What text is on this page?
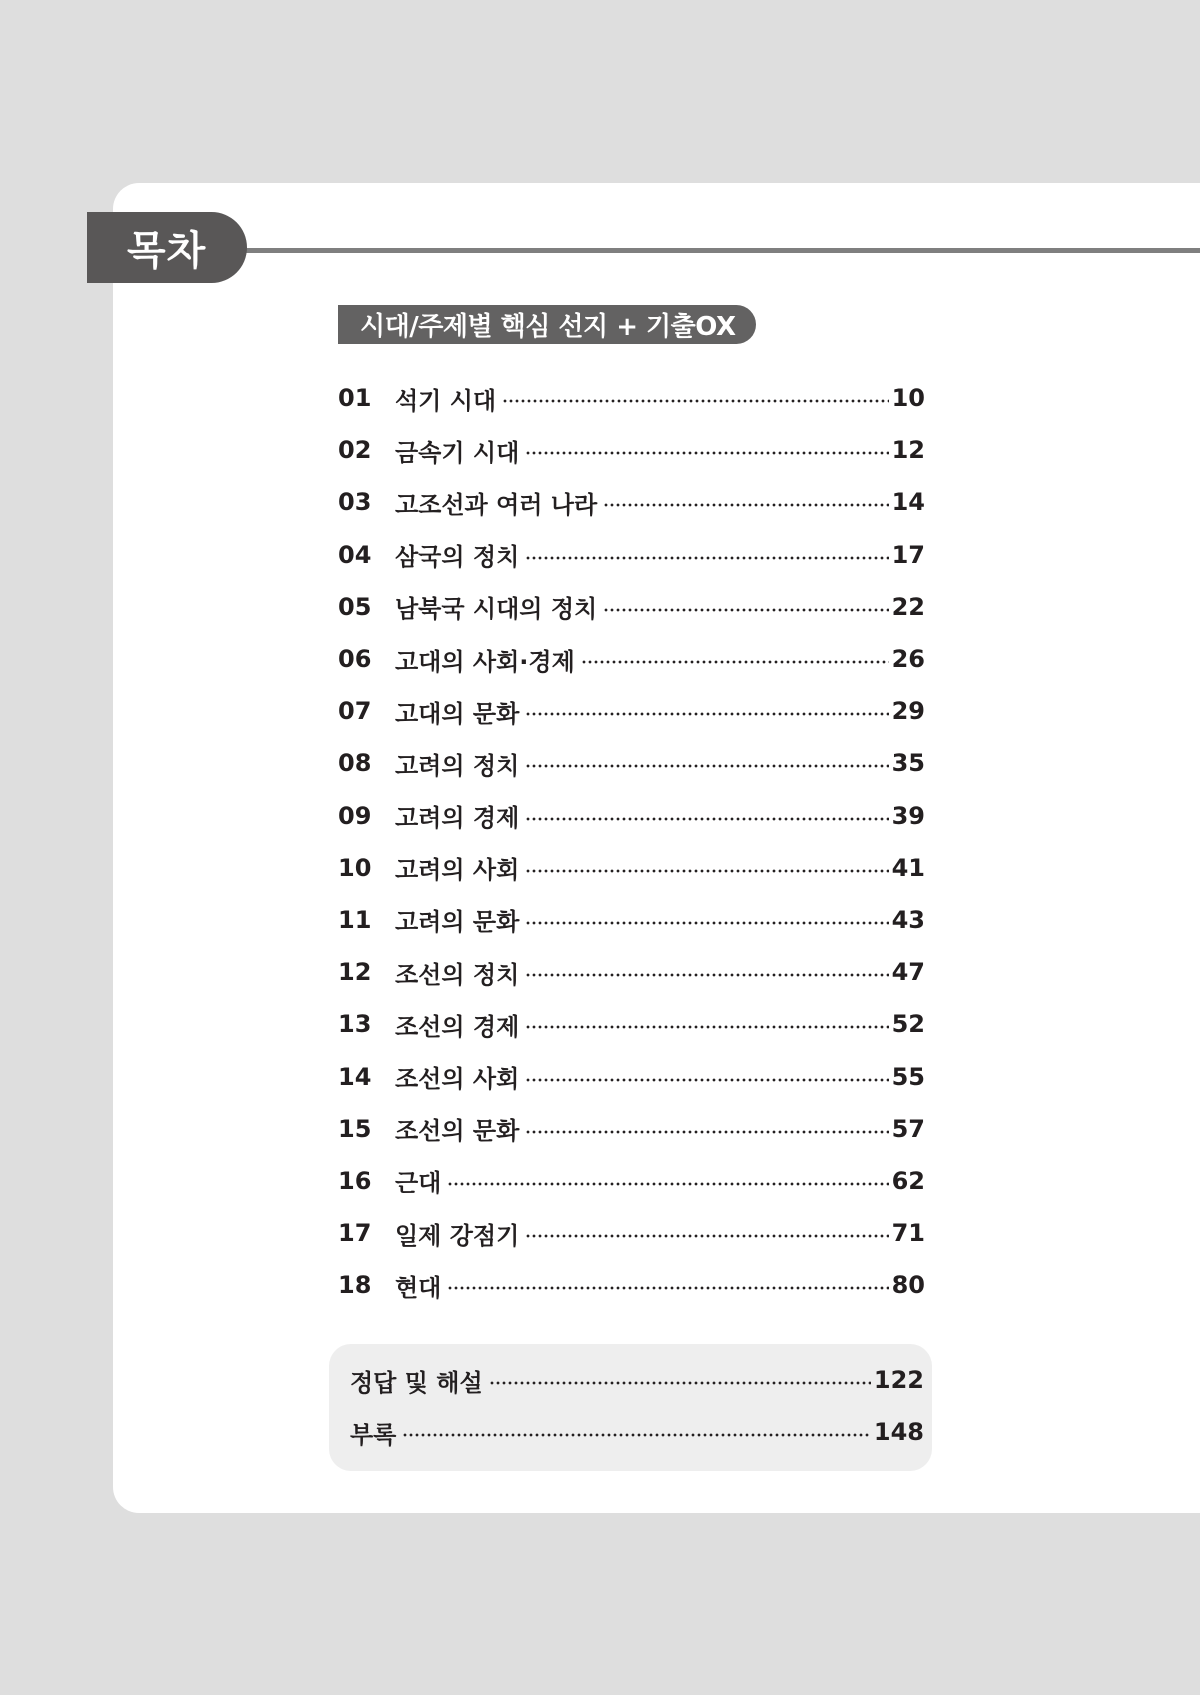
목차
시대/주제별 핵심 선지 + 기출OX
01 석기 시대	10
02 금속기 시대	12
03 고조선과 여러 나라	14
04 삼국의 정치	17
05 남북국 시대의 정치	22
06 고대의 사회·경제	26
07 고대의 문화	29
08 고려의 정치	35
09 고려의 경제	39
10 고려의 사회	41
11 고려의 문화	43
12 조선의 정치	47
13 조선의 경제	52
14 조선의 사회	55
15 조선의 문화	57
16 근대	62
17 일제 강점기	71
18 현대	80
정답 및 해설	122
부록	148
